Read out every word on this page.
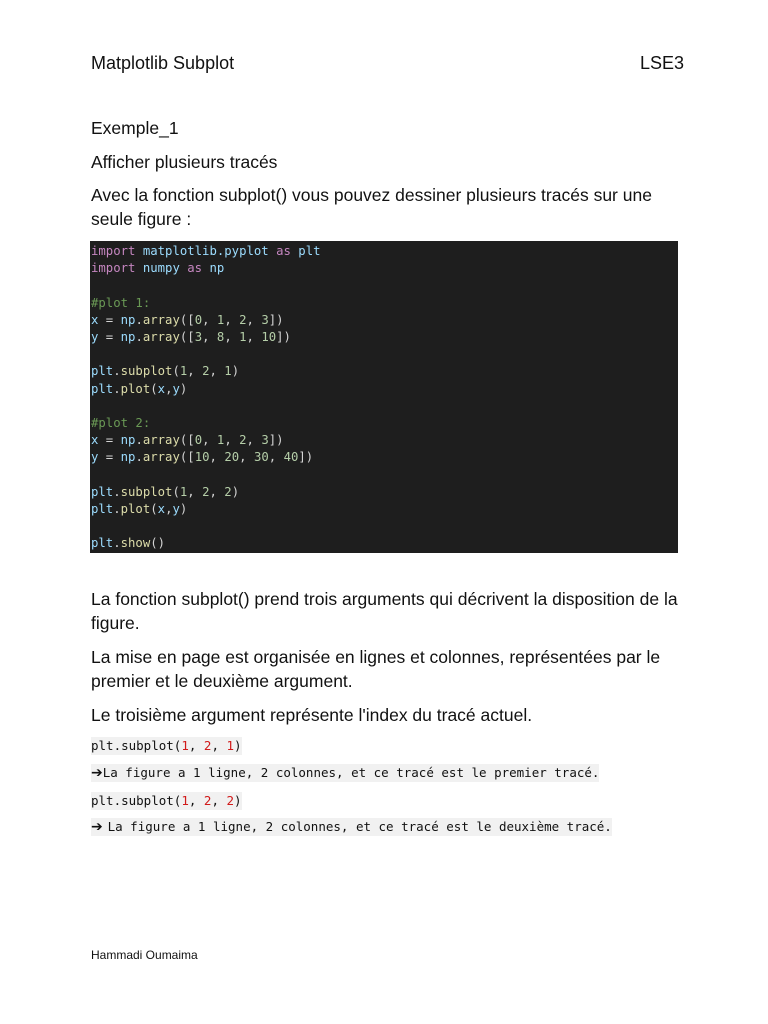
Matplotlib Subplot	LSE3
Exemple_1
Afficher plusieurs tracés
Avec la fonction subplot() vous pouvez dessiner plusieurs tracés sur une seule figure :
import matplotlib.pyplot as plt
import numpy as np

#plot 1:
x = np.array([0, 1, 2, 3])
y = np.array([3, 8, 1, 10])

plt.subplot(1, 2, 1)
plt.plot(x,y)

#plot 2:
x = np.array([0, 1, 2, 3])
y = np.array([10, 20, 30, 40])

plt.subplot(1, 2, 2)
plt.plot(x,y)

plt.show()
La fonction subplot() prend trois arguments qui décrivent la disposition de la figure.
La mise en page est organisée en lignes et colonnes, représentées par le premier et le deuxième argument.
Le troisième argument représente l'index du tracé actuel.
plt.subplot(1, 2, 1)
➔La figure a 1 ligne, 2 colonnes, et ce tracé est le premier tracé.
plt.subplot(1, 2, 2)
➔ La figure a 1 ligne, 2 colonnes, et ce tracé est le deuxième tracé.
Hammadi Oumaima
